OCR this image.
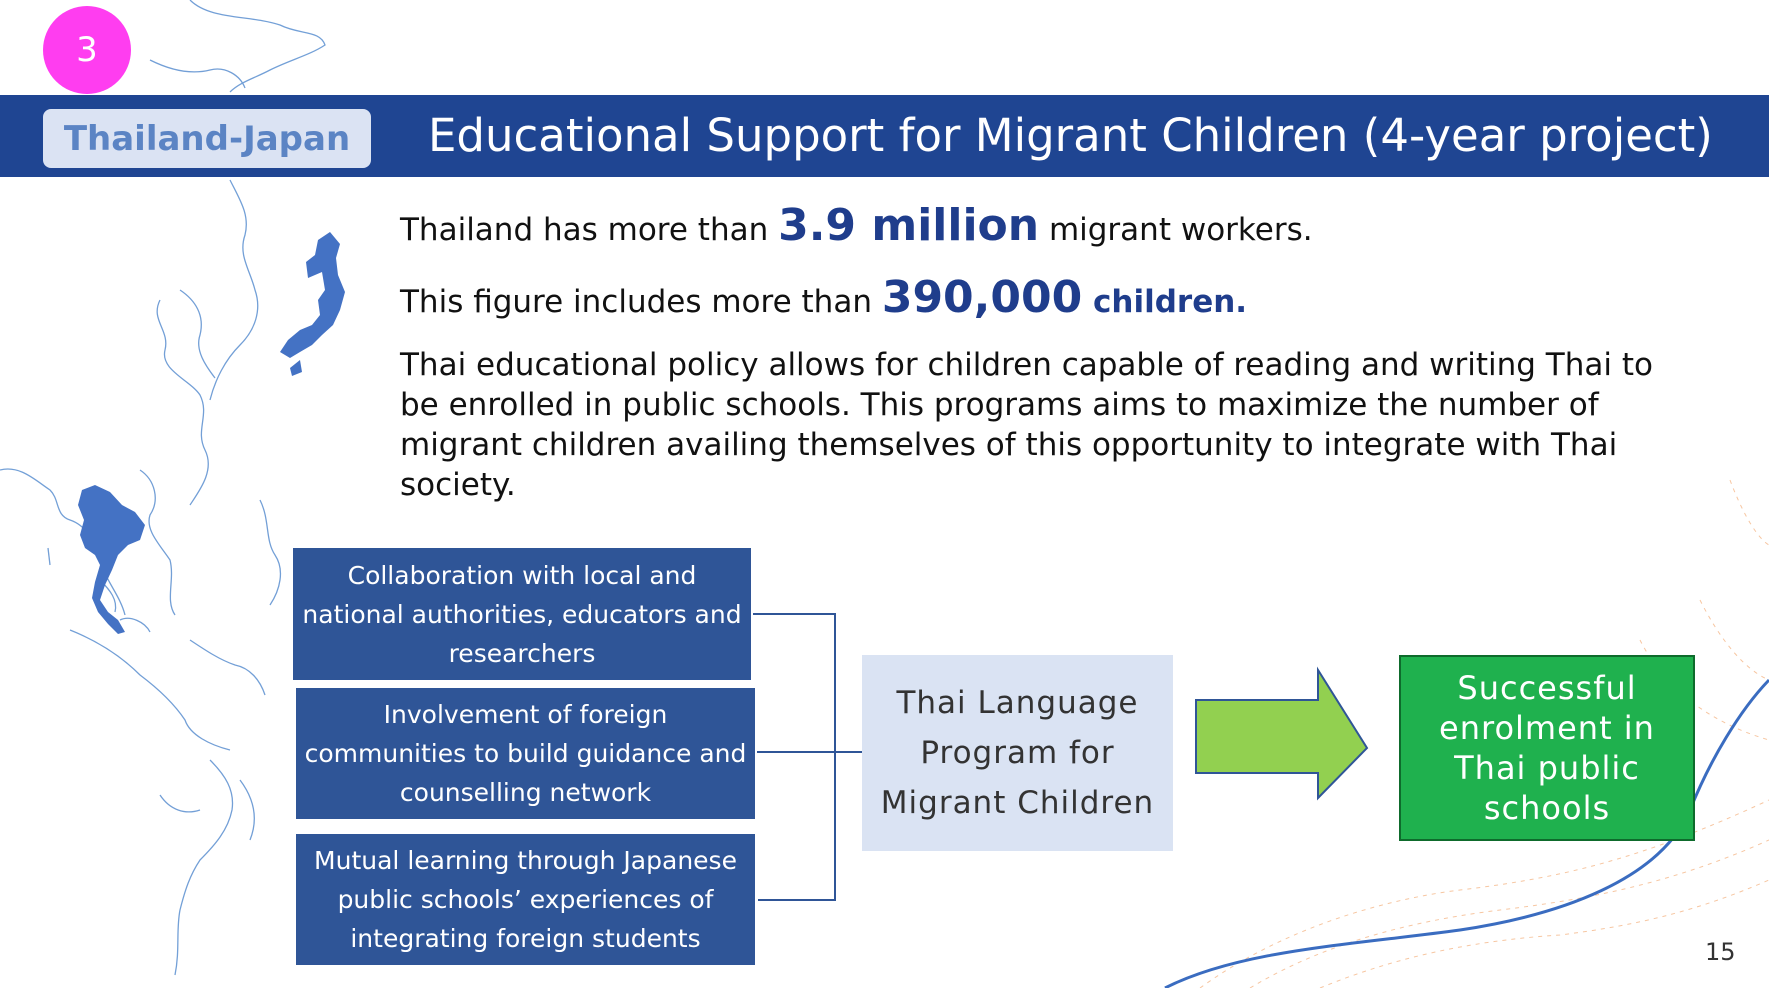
3
Thailand-Japan	Educational Support for Migrant Children (4-year project)
Thailand has more than 3.9 million migrant workers.
This figure includes more than 390,000 children.
Thai educational policy allows for children capable of reading and writing Thai to be enrolled in public schools. This programs aims to maximize the number of migrant children availing themselves of this opportunity to integrate with Thai society.
Collaboration with local and national authorities, educators and researchers
Involvement of foreign communities to build guidance and counselling network
Mutual learning through Japanese public schools’ experiences of integrating foreign students
Thai Language Program for Migrant Children
Successful enrolment in Thai public schools
15
